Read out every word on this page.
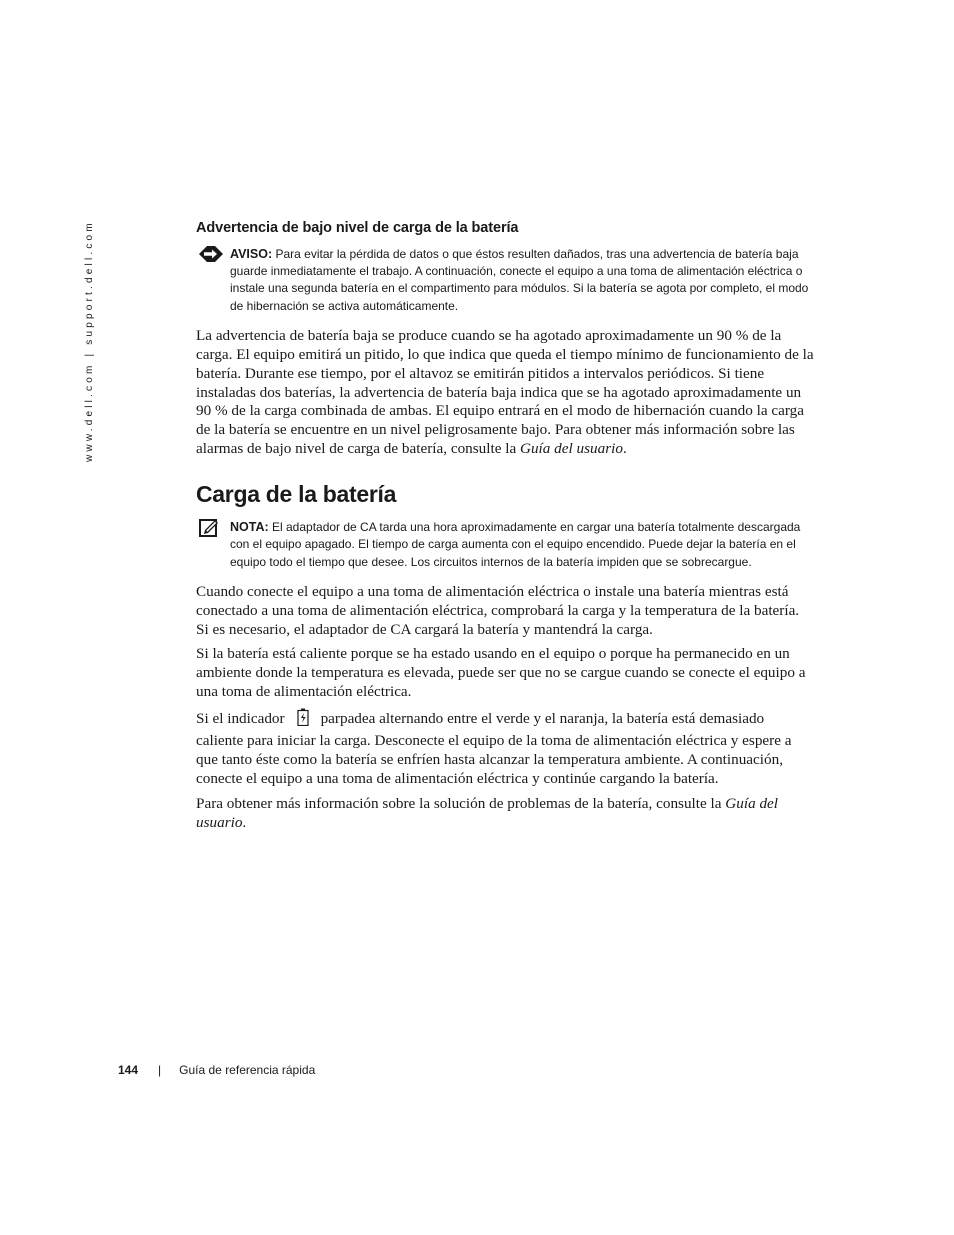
www.dell.com | support.dell.com	Advertencia de bajo nivel de carga de la batería
AVISO: Para evitar la pérdida de datos o que éstos resulten dañados, tras una advertencia de batería baja guarde inmediatamente el trabajo. A continuación, conecte el equipo a una toma de alimentación eléctrica o instale una segunda batería en el compartimento para módulos. Si la batería se agota por completo, el modo de hibernación se activa automáticamente.

La advertencia de batería baja se produce cuando se ha agotado aproximadamente un 90 % de la carga. El equipo emitirá un pitido, lo que indica que queda el tiempo mínimo de funcionamiento de la batería. Durante ese tiempo, por el altavoz se emitirán pitidos a intervalos periódicos. Si tiene instaladas dos baterías, la advertencia de batería baja indica que se ha agotado aproximadamente un 90 % de la carga combinada de ambas. El equipo entrará en el modo de hibernación cuando la carga de la batería se encuentre en un nivel peligrosamente bajo. Para obtener más información sobre las alarmas de bajo nivel de carga de batería, consulte la Guía del usuario.

Carga de la batería
NOTA: El adaptador de CA tarda una hora aproximadamente en cargar una batería totalmente descargada con el equipo apagado. El tiempo de carga aumenta con el equipo encendido. Puede dejar la batería en el equipo todo el tiempo que desee. Los circuitos internos de la batería impiden que se sobrecargue.

Cuando conecte el equipo a una toma de alimentación eléctrica o instale una batería mientras está conectado a una toma de alimentación eléctrica, comprobará la carga y la temperatura de la batería. Si es necesario, el adaptador de CA cargará la batería y mantendrá la carga.

Si la batería está caliente porque se ha estado usando en el equipo o porque ha permanecido en un ambiente donde la temperatura es elevada, puede ser que no se cargue cuando se conecte el equipo a una toma de alimentación eléctrica.

Si el indicador parpadea alternando entre el verde y el naranja, la batería está demasiado caliente para iniciar la carga. Desconecte el equipo de la toma de alimentación eléctrica y espere a que tanto éste como la batería se enfríen hasta alcanzar la temperatura ambiente. A continuación, conecte el equipo a una toma de alimentación eléctrica y continúe cargando la batería.

Para obtener más información sobre la solución de problemas de la batería, consulte la Guía del usuario.

144 | Guía de referencia rápida
